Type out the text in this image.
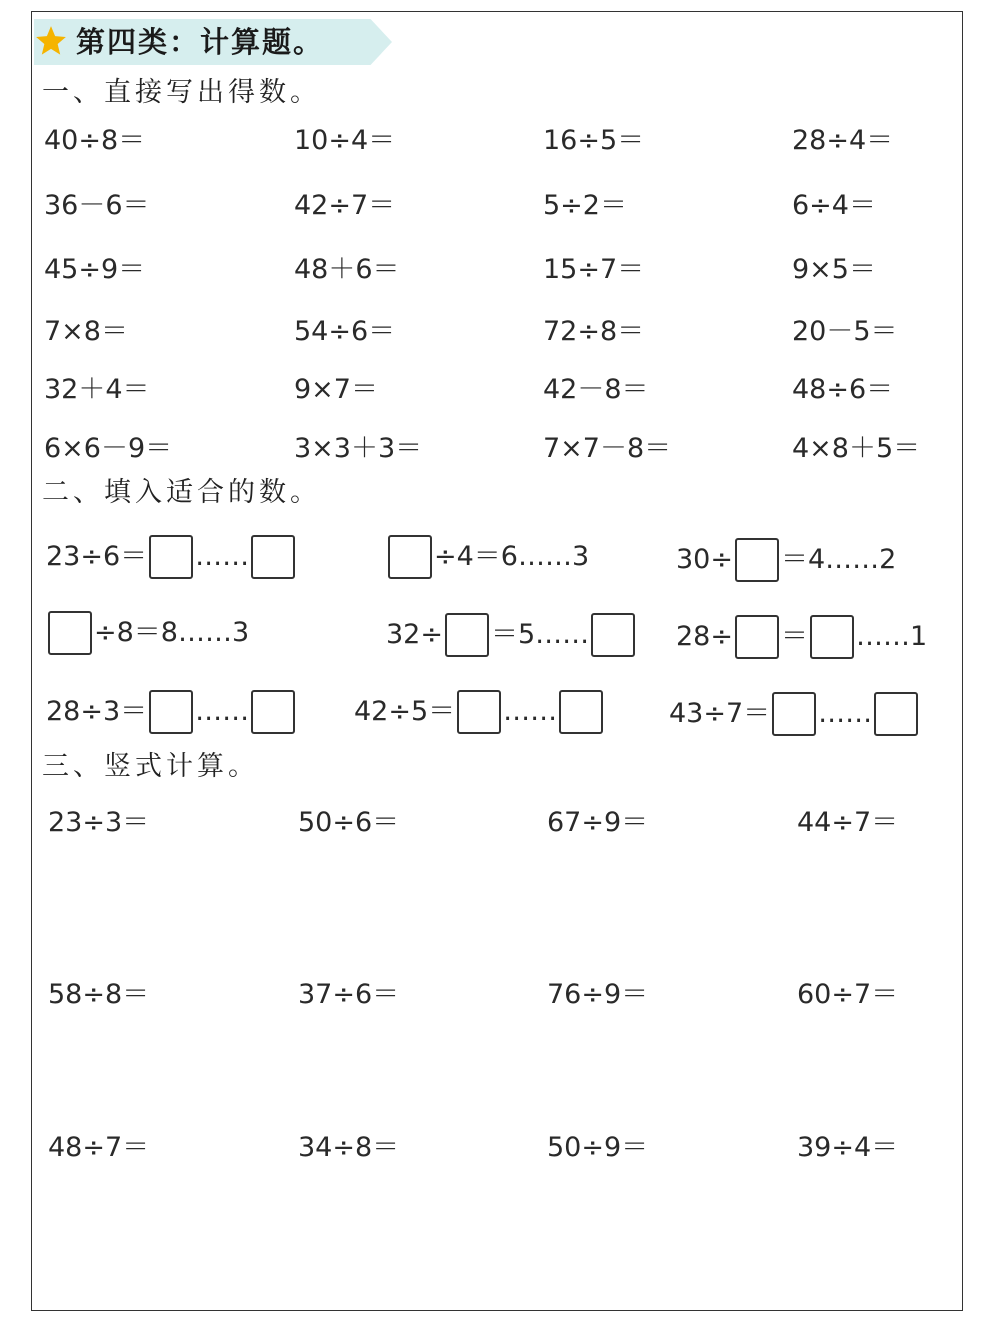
第四类：计算题。
一、直接写出得数。
40÷8＝	10÷4＝	16÷5＝	28÷4＝
36－6＝	42÷7＝	5÷2＝	6÷4＝
45÷9＝	48＋6＝	15÷7＝	9×5＝
7×8＝	54÷6＝	72÷8＝	20－5＝
32＋4＝	9×7＝	42－8＝	48÷6＝
6×6－9＝	3×3＋3＝	7×7－8＝	4×8＋5＝
二、填入适合的数。
23÷6＝ ……	÷4＝6……3	30÷ ＝4……2
÷8＝8……3	32÷ ＝5……	28÷ ＝ ……1
28÷3＝ ……	42÷5＝ ……	43÷7＝ ……
三、竖式计算。
23÷3＝	50÷6＝	67÷9＝	44÷7＝
58÷8＝	37÷6＝	76÷9＝	60÷7＝
48÷7＝	34÷8＝	50÷9＝	39÷4＝
